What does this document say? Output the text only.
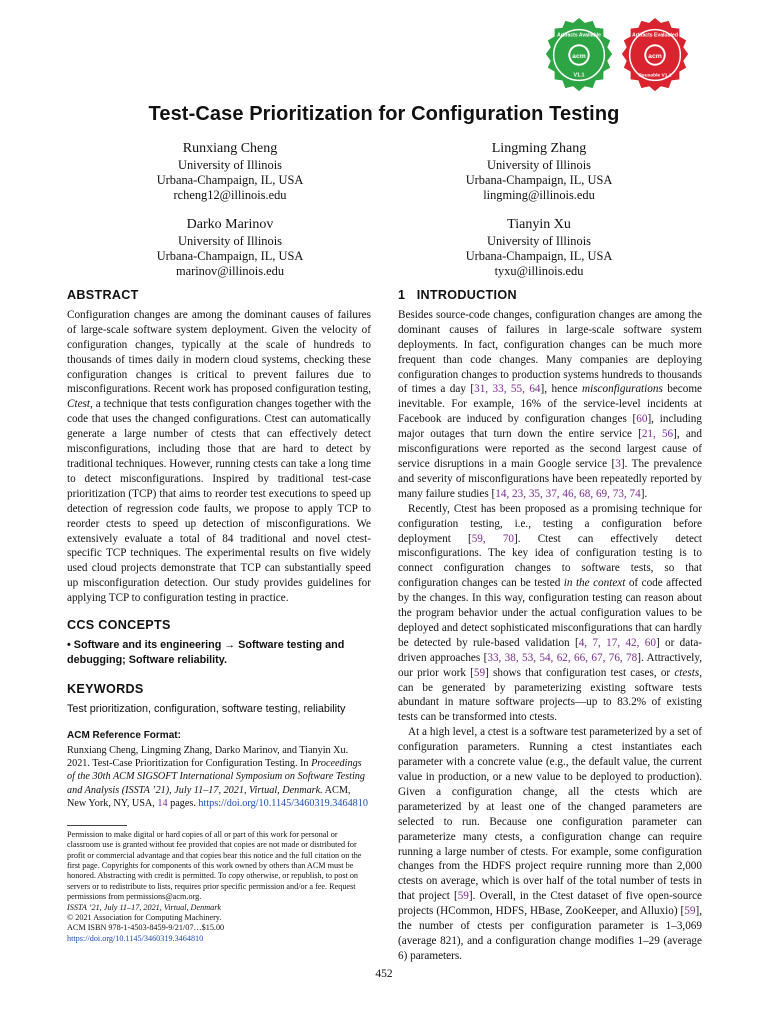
acm
Artifacts Available
V1.1
acm
Artifacts Evaluated
Reusable V1.1
Test-Case Prioritization for Configuration Testing
Runxiang Cheng
University of Illinois
Urbana-Champaign, IL, USA
rcheng12@illinois.edu
Lingming Zhang
University of Illinois
Urbana-Champaign, IL, USA
lingming@illinois.edu
Darko Marinov
University of Illinois
Urbana-Champaign, IL, USA
marinov@illinois.edu
Tianyin Xu
University of Illinois
Urbana-Champaign, IL, USA
tyxu@illinois.edu
ABSTRACT

Configuration changes are among the dominant causes of failures of large-scale software system deployment. Given the velocity of configuration changes, typically at the scale of hundreds to thousands of times daily in modern cloud systems, checking these configuration changes is critical to prevent failures due to misconfigurations. Recent work has proposed configuration testing, Ctest, a technique that tests configuration changes together with the code that uses the changed configurations. Ctest can automatically generate a large number of ctests that can effectively detect misconfigurations, including those that are hard to detect by traditional techniques. However, running ctests can take a long time to detect misconfigurations. Inspired by traditional test-case prioritization (TCP) that aims to reorder test executions to speed up detection of regression code faults, we propose to apply TCP to reorder ctests to speed up detection of misconfigurations. We extensively evaluate a total of 84 traditional and novel ctest-specific TCP techniques. The experimental results on five widely used cloud projects demonstrate that TCP can substantially speed up misconfiguration detection. Our study provides guidelines for applying TCP to configuration testing in practice.

CCS CONCEPTS

• Software and its engineering → Software testing and debugging; Software reliability.

KEYWORDS

Test prioritization, configuration, software testing, reliability

ACM Reference Format:

Runxiang Cheng, Lingming Zhang, Darko Marinov, and Tianyin Xu. 2021. Test-Case Prioritization for Configuration Testing. In Proceedings of the 30th ACM SIGSOFT International Symposium on Software Testing and Analysis (ISSTA ’21), July 11–17, 2021, Virtual, Denmark. ACM, New York, NY, USA, 14 pages. https://doi.org/10.1145/3460319.3464810

Permission to make digital or hard copies of all or part of this work for personal or classroom use is granted without fee provided that copies are not made or distributed for profit or commercial advantage and that copies bear this notice and the full citation on the first page. Copyrights for components of this work owned by others than ACM must be honored. Abstracting with credit is permitted. To copy otherwise, or republish, to post on servers or to redistribute to lists, requires prior specific permission and/or a fee. Request permissions from permissions@acm.org.
ISSTA ’21, July 11–17, 2021, Virtual, Denmark
© 2021 Association for Computing Machinery.
ACM ISBN 978-1-4503-8459-9/21/07…$15.00
https://doi.org/10.1145/3460319.3464810
1   INTRODUCTION

Besides source-code changes, configuration changes are among the dominant causes of failures in large-scale software system deployments. In fact, configuration changes can be much more frequent than code changes. Many companies are deploying configuration changes to production systems hundreds to thousands of times a day [31, 33, 55, 64], hence misconfigurations become inevitable. For example, 16% of the service-level incidents at Facebook are induced by configuration changes [60], including major outages that turn down the entire service [21, 56], and misconfigurations were reported as the second largest cause of service disruptions in a main Google service [3]. The prevalence and severity of misconfigurations have been repeatedly reported by many failure studies [14, 23, 35, 37, 46, 68, 69, 73, 74].

Recently, Ctest has been proposed as a promising technique for configuration testing, i.e., testing a configuration before deployment [59, 70]. Ctest can effectively detect misconfigurations. The key idea of configuration testing is to connect configuration changes to software tests, so that configuration changes can be tested in the context of code affected by the changes. In this way, configuration testing can reason about the program behavior under the actual configuration values to be deployed and detect sophisticated misconfigurations that can hardly be detected by rule-based validation [4, 7, 17, 42, 60] or data-driven approaches [33, 38, 53, 54, 62, 66, 67, 76, 78]. Attractively, our prior work [59] shows that configuration test cases, or ctests, can be generated by parameterizing existing software tests abundant in mature software projects—up to 83.2% of existing tests can be transformed into ctests.

At a high level, a ctest is a software test parameterized by a set of configuration parameters. Running a ctest instantiates each parameter with a concrete value (e.g., the default value, the current value in production, or a new value to be deployed to production). Given a configuration change, all the ctests which are parameterized by at least one of the changed parameters are selected to run. Because one configuration parameter can parameterize many ctests, a configuration change can require running a large number of ctests. For example, some configuration changes from the HDFS project require running more than 2,000 ctests on average, which is over half of the total number of tests in that project [59]. Overall, in the Ctest dataset of five open-source projects (HCommon, HDFS, HBase, ZooKeeper, and Alluxio) [59], the number of ctests per configuration parameter is 1–3,069 (average 821), and a configuration change modifies 1–29 (average 6) parameters.

452
